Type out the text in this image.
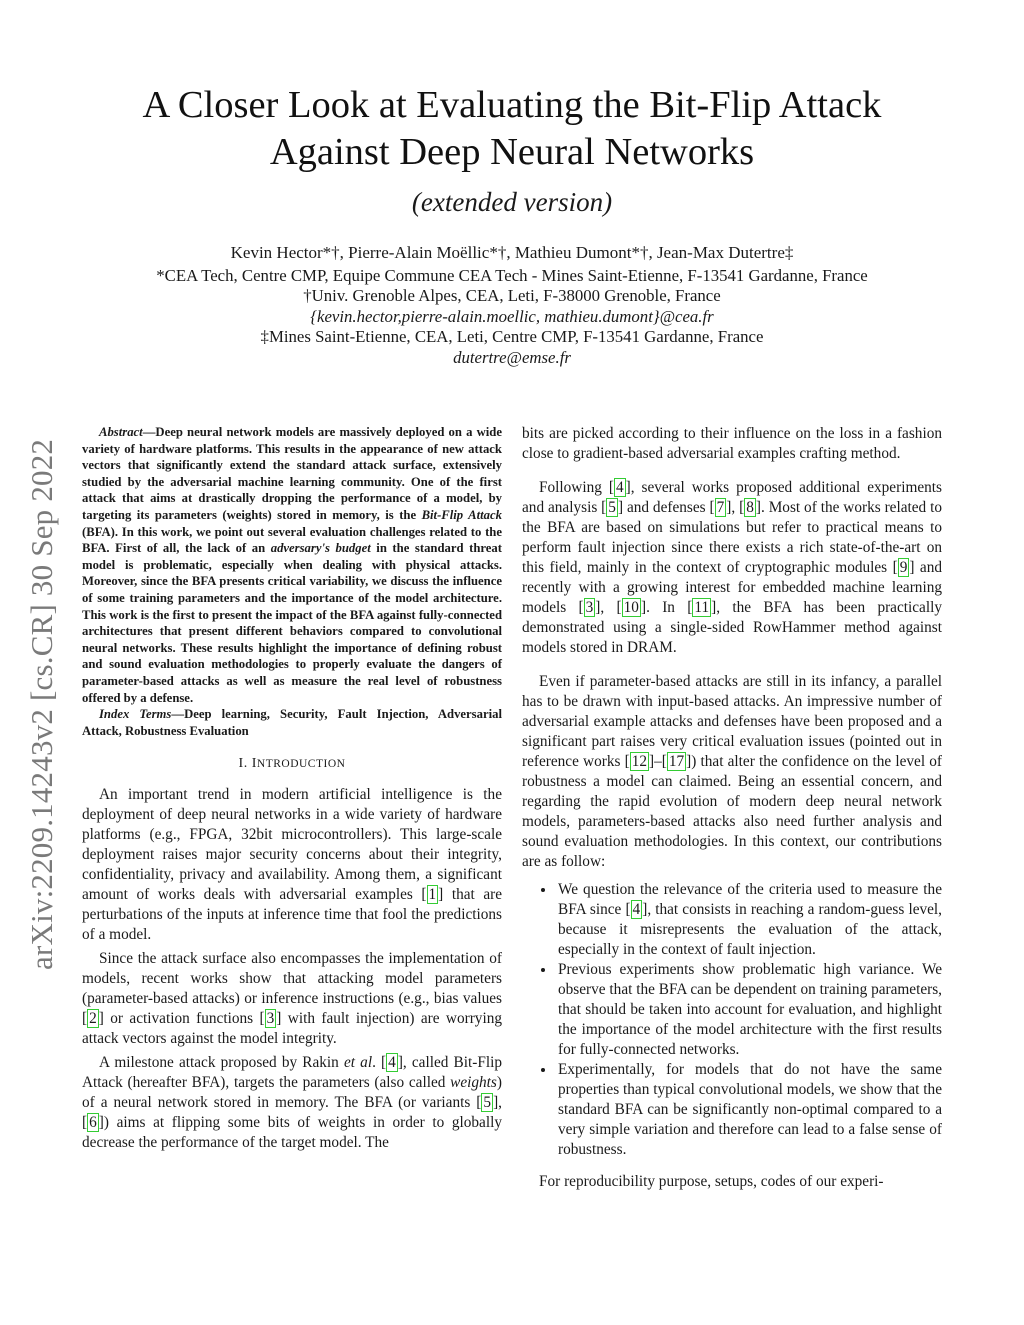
arXiv:2209.14243v2 [cs.CR] 30 Sep 2022
A Closer Look at Evaluating the Bit-Flip Attack Against Deep Neural Networks
(extended version)
Kevin Hector*†, Pierre-Alain Moëllic*†, Mathieu Dumont*†, Jean-Max Dutertre‡
*CEA Tech, Centre CMP, Equipe Commune CEA Tech - Mines Saint-Etienne, F-13541 Gardanne, France
†Univ. Grenoble Alpes, CEA, Leti, F-38000 Grenoble, France
{kevin.hector,pierre-alain.moellic, mathieu.dumont}@cea.fr
‡Mines Saint-Etienne, CEA, Leti, Centre CMP, F-13541 Gardanne, France
dutertre@emse.fr

Abstract—Deep neural network models are massively deployed on a wide variety of hardware platforms. This results in the appearance of new attack vectors that significantly extend the standard attack surface, extensively studied by the adversarial machine learning community. One of the first attack that aims at drastically dropping the performance of a model, by targeting its parameters (weights) stored in memory, is the Bit-Flip Attack (BFA). In this work, we point out several evaluation challenges related to the BFA. First of all, the lack of an adversary's budget in the standard threat model is problematic, especially when dealing with physical attacks. Moreover, since the BFA presents critical variability, we discuss the influence of some training parameters and the importance of the model architecture. This work is the first to present the impact of the BFA against fully-connected architectures that present different behaviors compared to convolutional neural networks. These results highlight the importance of defining robust and sound evaluation methodologies to properly evaluate the dangers of parameter-based attacks as well as measure the real level of robustness offered by a defense.

Index Terms—Deep learning, Security, Fault Injection, Adversarial Attack, Robustness Evaluation

I. INTRODUCTION

An important trend in modern artificial intelligence is the deployment of deep neural networks in a wide variety of hardware platforms (e.g., FPGA, 32bit microcontrollers). This large-scale deployment raises major security concerns about their integrity, confidentiality, privacy and availability. Among them, a significant amount of works deals with adversarial examples [ 1 ] that are perturbations of the inputs at inference time that fool the predictions of a model.

Since the attack surface also encompasses the implementation of models, recent works show that attacking model parameters (parameter-based attacks) or inference instructions (e.g., bias values [ 2 ] or activation functions [ 3 ] with fault injection) are worrying attack vectors against the model integrity.

A milestone attack proposed by Rakin et al. [ 4 ], called Bit-Flip Attack (hereafter BFA), targets the parameters (also called weights) of a neural network stored in memory. The BFA (or variants [ 5 ], [ 6 ]) aims at flipping some bits of weights in order to globally decrease the performance of the target model. The

bits are picked according to their influence on the loss in a fashion close to gradient-based adversarial examples crafting method.

Following [ 4 ], several works proposed additional experiments and analysis [ 5 ] and defenses [ 7 ], [ 8 ]. Most of the works related to the BFA are based on simulations but refer to practical means to perform fault injection since there exists a rich state-of-the-art on this field, mainly in the context of cryptographic modules [ 9 ] and recently with a growing interest for embedded machine learning models [ 3 ], [ 10 ]. In [ 11 ], the BFA has been practically demonstrated using a single-sided RowHammer method against models stored in DRAM.

Even if parameter-based attacks are still in its infancy, a parallel has to be drawn with input-based attacks. An impressive number of adversarial example attacks and defenses have been proposed and a significant part raises very critical evaluation issues (pointed out in reference works [ 12 ]–[ 17 ]) that alter the confidence on the level of robustness a model can claimed. Being an essential concern, and regarding the rapid evolution of modern deep neural network models, parameters-based attacks also need further analysis and sound evaluation methodologies. In this context, our contributions are as follow:

• We question the relevance of the criteria used to measure the BFA since [ 4 ], that consists in reaching a random-guess level, because it misrepresents the evaluation of the attack, especially in the context of fault injection.
• Previous experiments show problematic high variance. We observe that the BFA can be dependent on training parameters, that should be taken into account for evaluation, and highlight the importance of the model architecture with the first results for fully-connected networks.
• Experimentally, for models that do not have the same properties than typical convolutional models, we show that the standard BFA can be significantly non-optimal compared to a very simple variation and therefore can lead to a false sense of robustness.

For reproducibility purpose, setups, codes of our experi-
